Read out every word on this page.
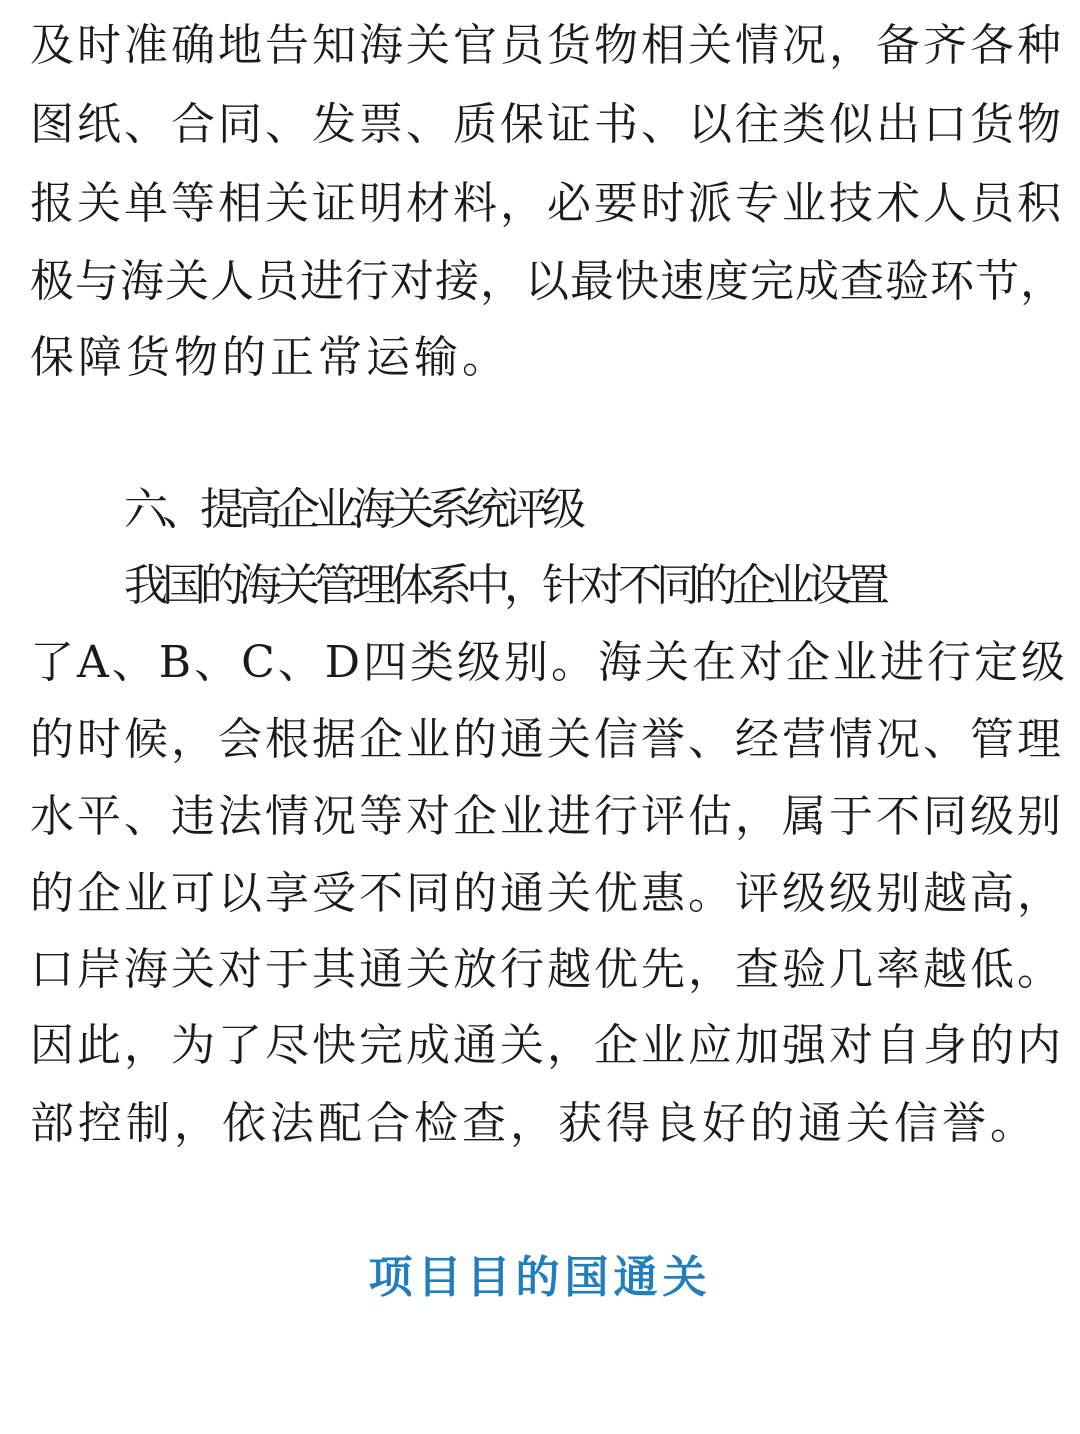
及时准确地告知海关官员货物相关情况，备齐各种
图纸、合同、发票、质保证书、以往类似出口货物
报关单等相关证明材料，必要时派专业技术人员积
极与海关人员进行对接，以最快速度完成查验环节，
保障货物的正常运输。
六、提高企业海关系统评级
我国的海关管理体系中，针对不同的企业设置
了A、B、C、D四类级别。海关在对企业进行定级
的时候，会根据企业的通关信誉、经营情况、管理
水平、违法情况等对企业进行评估，属于不同级别
的企业可以享受不同的通关优惠。评级级别越高，
口岸海关对于其通关放行越优先，查验几率越低。
因此，为了尽快完成通关，企业应加强对自身的内
部控制，依法配合检查，获得良好的通关信誉。
项目目的国通关
